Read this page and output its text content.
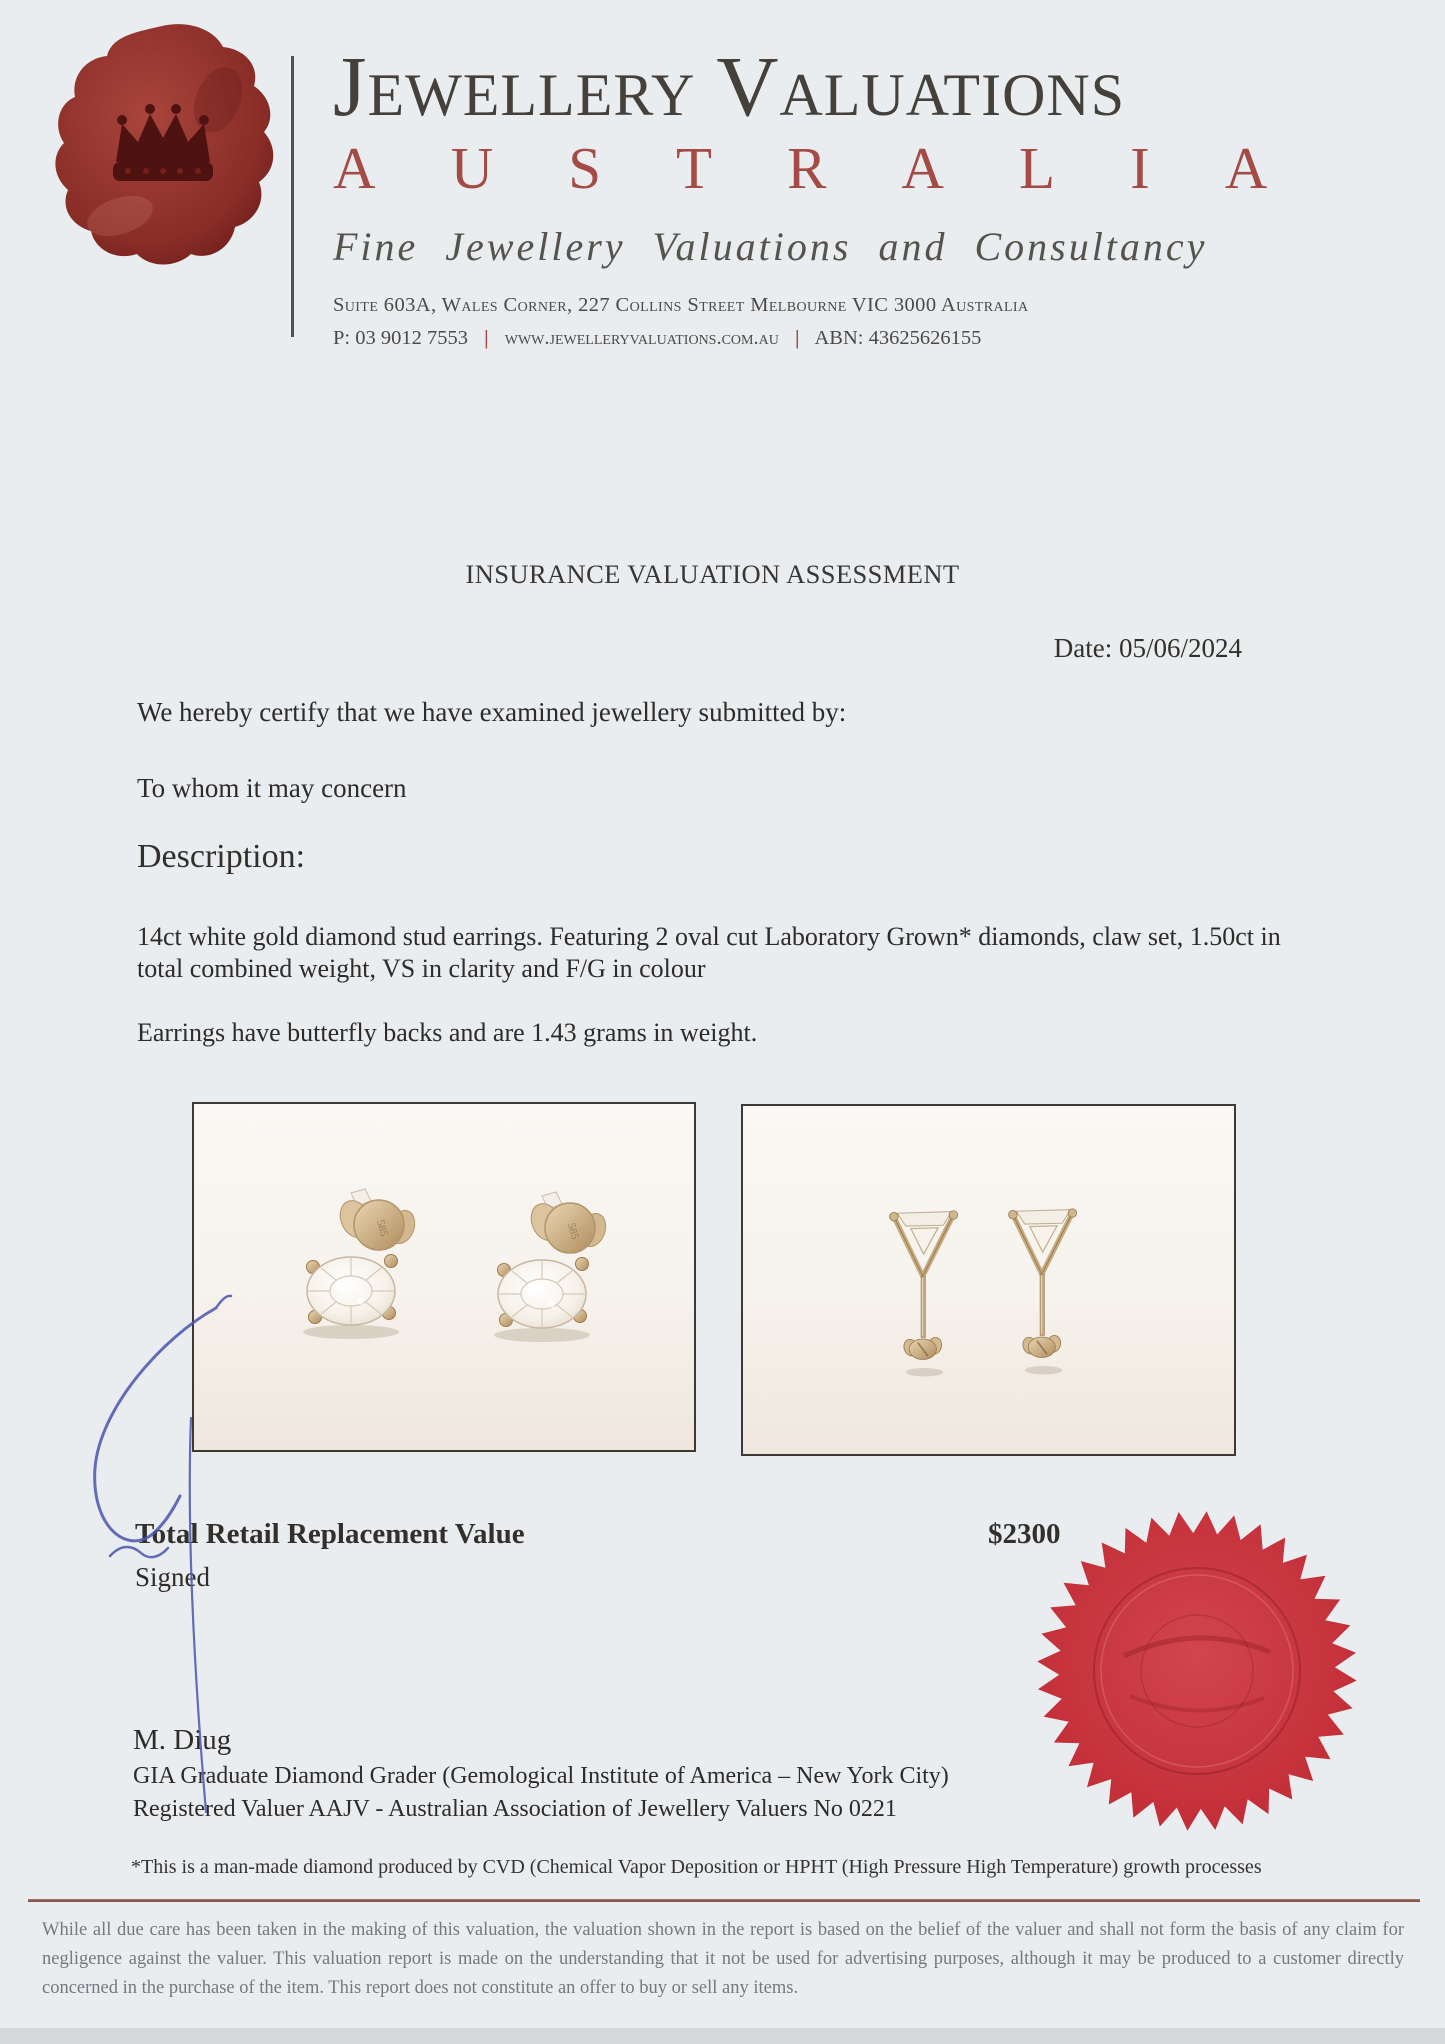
Jewellery Valuations
AUSTRALIA
Fine Jewellery Valuations and Consultancy
Suite 603A, Wales Corner, 227 Collins Street Melbourne VIC 3000 Australia
P: 03 9012 7553 | www.jewelleryvaluations.com.au | ABN: 43625626155
INSURANCE VALUATION ASSESSMENT
Date: 05/06/2024
We hereby certify that we have examined jewellery submitted by:
To whom it may concern
Description:
14ct white gold diamond stud earrings. Featuring 2 oval cut Laboratory Grown* diamonds, claw set, 1.50ct in total combined weight, VS in clarity and F/G in colour
Earrings have butterfly backs and are 1.43 grams in weight.
Total Retail Replacement Value	$2300
Signed
M. Diug
GIA Graduate Diamond Grader (Gemological Institute of America – New York City)
Registered Valuer AAJV - Australian Association of Jewellery Valuers No 0221
*This is a man-made diamond produced by CVD (Chemical Vapor Deposition or HPHT (High Pressure High Temperature) growth processes
While all due care has been taken in the making of this valuation, the valuation shown in the report is based on the belief of the valuer and shall not form the basis of any claim for negligence against the valuer. This valuation report is made on the understanding that it not be used for advertising purposes, although it may be produced to a customer directly concerned in the purchase of the item. This report does not constitute an offer to buy or sell any items.
